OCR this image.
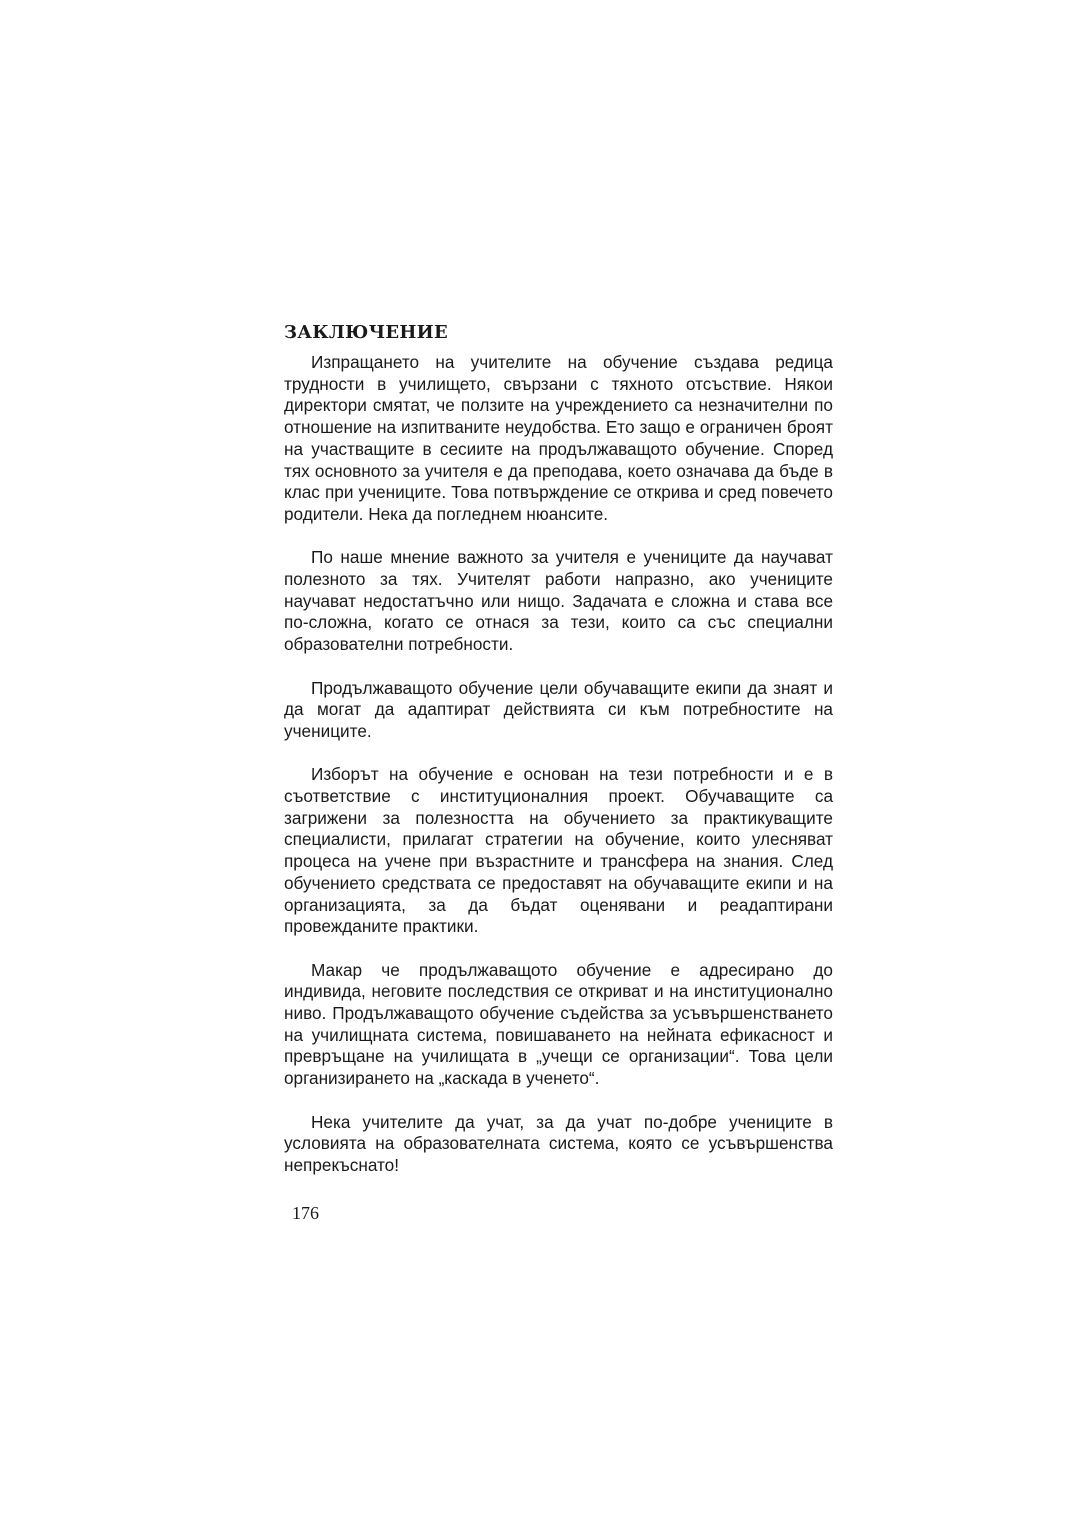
ЗАКЛЮЧЕНИЕ

Изпращането на учителите на обучение създава редица трудности в училището, свързани с тяхното отсъствие. Някои директори смятат, че ползите на учреждението са незначителни по отношение на изпитваните неудобства. Ето защо е ограничен броят на участващите в сесиите на продължаващото обучение. Според тях основното за учителя е да преподава, което означава да бъде в клас при учениците. Това потвърждение се открива и сред повечето родители. Нека да погледнем нюансите.

По наше мнение важното за учителя е учениците да научават полезното за тях. Учителят работи напразно, ако учениците научават недостатъчно или нищо. Задачата е сложна и става все по-сложна, когато се отнася за тези, които са със специални образователни потребности.

Продължаващото обучение цели обучаващите екипи да знаят и да могат да адаптират действията си към потребностите на учениците.

Изборът на обучение е основан на тези потребности и е в съответствие с институционалния проект. Обучаващите са загрижени за полезността на обучението за практикуващите специалисти, прилагат стратегии на обучение, които улесняват процеса на учене при възрастните и трансфера на знания. След обучението средствата се предоставят на обучаващите екипи и на организацията, за да бъдат оценявани и реадаптирани провежданите практики.

Макар че продължаващото обучение е адресирано до индивида, неговите последствия се откриват и на институционално ниво. Продължаващото обучение съдейства за усъвършенстването на училищната система, повишаването на нейната ефикасност и превръщане на училищата в „учещи се организации“. Това цели организирането на „каскада в ученето“.

Нека учителите да учат, за да учат по-добре учениците в условията на образователната система, която се усъвършенства непрекъснато!

176
